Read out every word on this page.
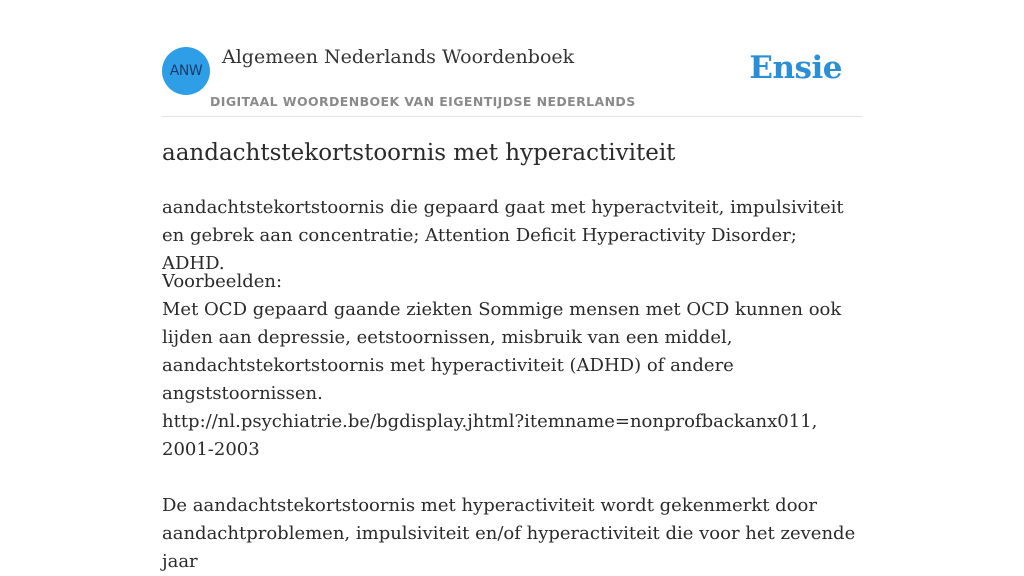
ANW
Algemeen Nederlands Woordenboek
DIGITAAL WOORDENBOEK VAN EIGENTIJDSE NEDERLANDS
Ensie
aandachtstekortstoornis met hyperactiviteit
aandachtstekortstoornis die gepaard gaat met hyperactviteit, impulsiviteit en gebrek aan concentratie; Attention Deficit Hyperactivity Disorder; ADHD.

Voorbeelden:

Met OCD gepaard gaande ziekten Sommige mensen met OCD kunnen ook lijden aan depressie, eetstoornissen, misbruik van een middel, aandachtstekortstoornis met hyperactiviteit (ADHD) of andere angststoornissen.

http://nl.psychiatrie.be/bgdisplay.jhtml?itemname=nonprofbackanx011, 2001-2003

De aandachtstekortstoornis met hyperactiviteit wordt gekenmerkt door aandachtproblemen, impulsiviteit en/of hyperactiviteit die voor het zevende jaar
